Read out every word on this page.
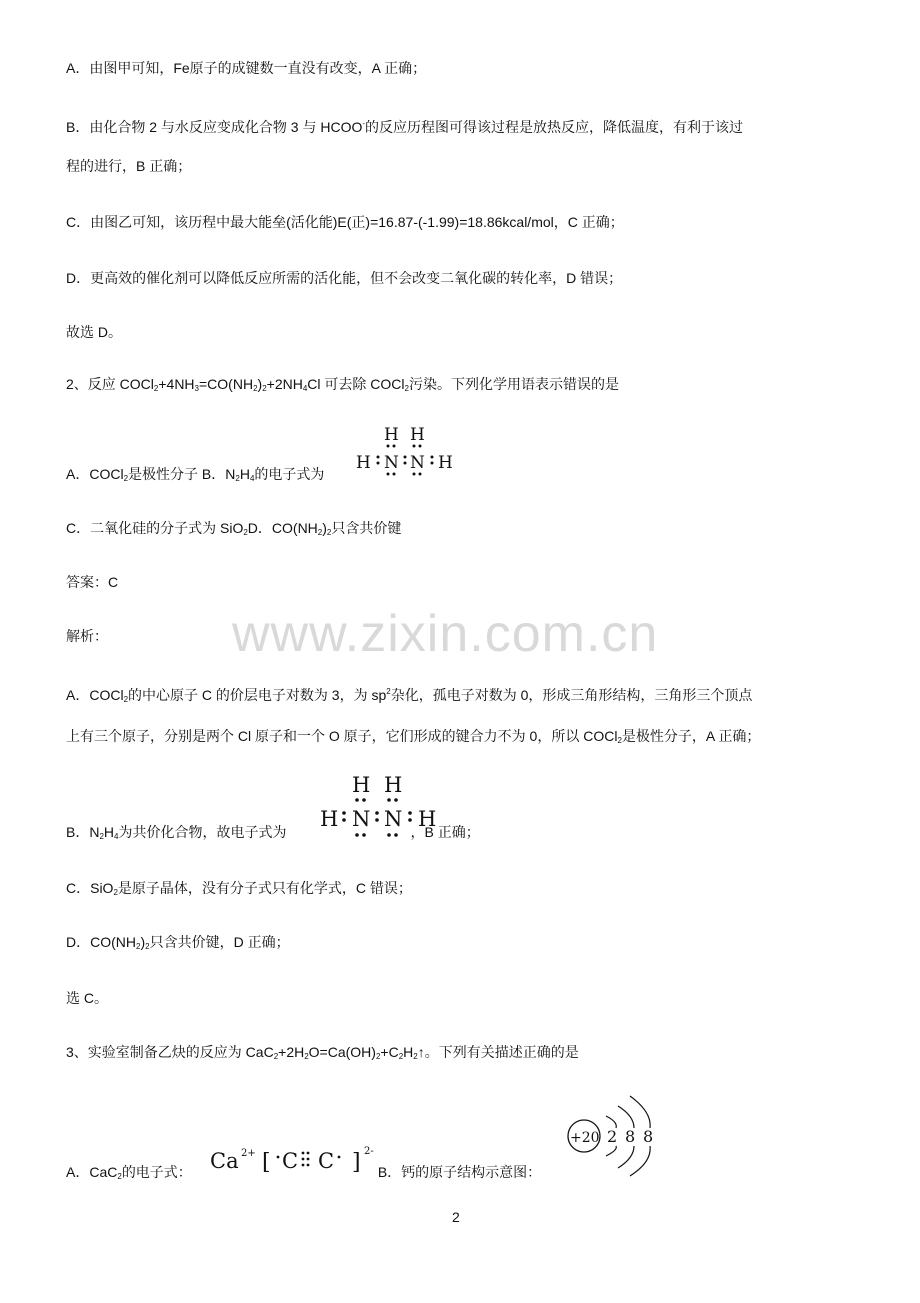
A．由图甲可知，Fe原子的成键数一直没有改变，A 正确；
B．由化合物 2 与水反应变成化合物 3 与 HCOO-的反应历程图可得该过程是放热反应，降低温度，有利于该过
程的进行，B 正确；
C．由图乙可知，该历程中最大能垒(活化能)E(正)=16.87-(-1.99)=18.86kcal/mol，C 正确；
D．更高效的催化剂可以降低反应所需的活化能，但不会改变二氧化碳的转化率，D 错误；
故选 D。
2、反应 $COCl_2+4NH_3=CO(NH_2)_2+2NH_4Cl$ 可去除 COCl$_2$污染。下列化学用语表示错误的是
A．COCl$_2$是极性分子 B．$N_2H_4$的电子式为
H H
H N N H
C．二氧化硅的分子式为 SiO$_2$D．$CO(NH_2)_2$只含共价键
答案：C
解析：
A．COCl$_2$的中心原子 C 的价层电子对数为 3，为 $sp^2$杂化，孤电子对数为 0，形成三角形结构，三角形三个顶点
上有三个原子，分别是两个 Cl 原子和一个 O 原子，它们形成的键合力不为 0，所以 COCl$_2$是极性分子，A 正确；
B．$N_2H_4$为共价化合物，故电子式为	，B 正确；
H H
H N N H
C．SiO$_2$是原子晶体，没有分子式只有化学式，C 错误；
D．$CO(NH_2)_2$只含共价键，D 正确；
选 C。
3、实验室制备乙炔的反应为 $CaC_2+2H_2O=Ca(OH)_2+C_2H_2↑$。下列有关描述正确的是
A．CaC$_2$的电子式：	B．钙的原子结构示意图：
Ca 2+ [ C C ] 2-
+20 2 8 8
www.zixin.com.cn
2
